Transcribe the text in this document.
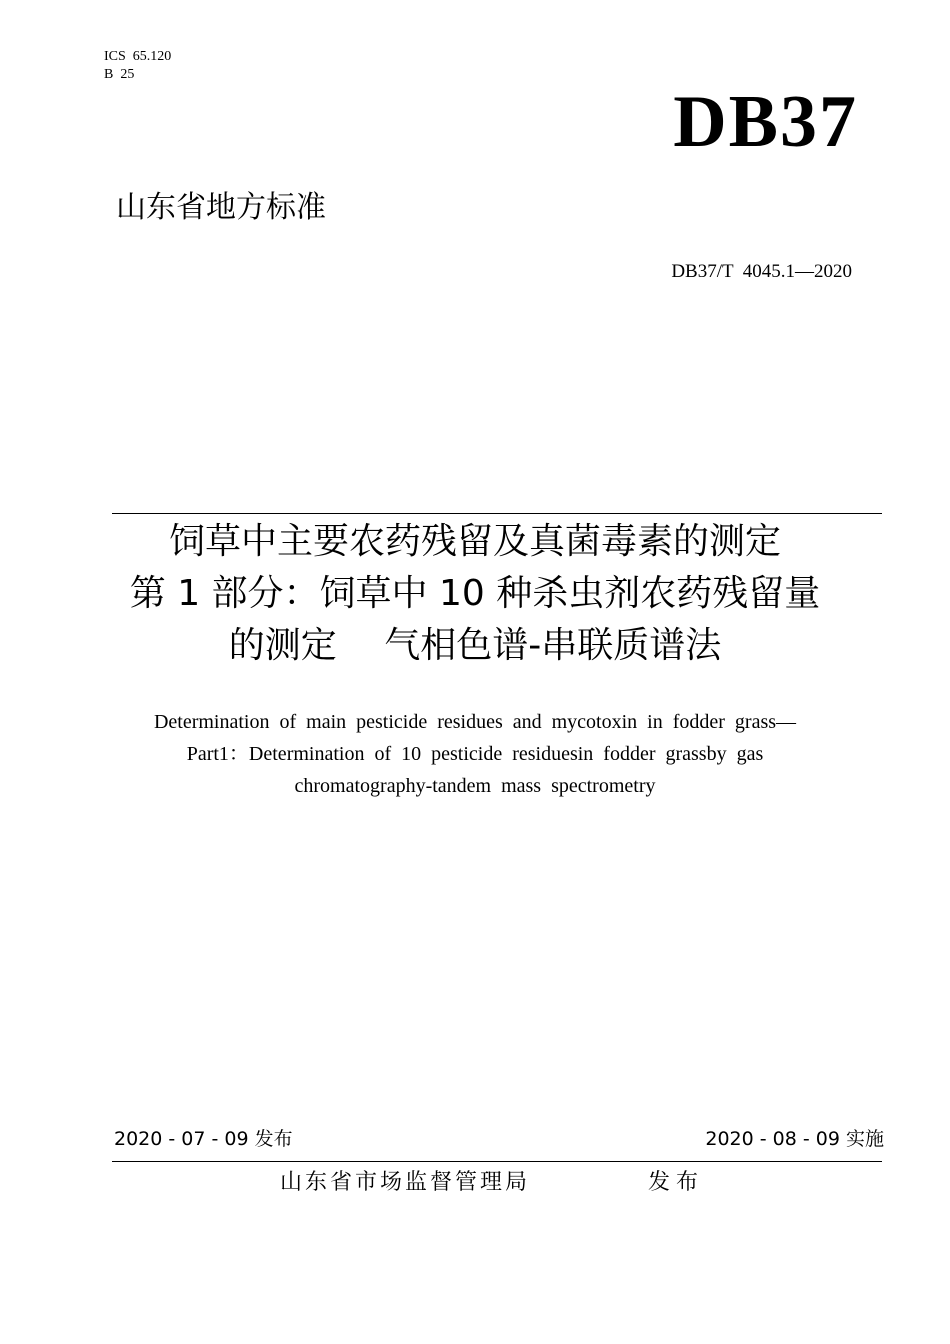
ICS  65.120
B  25
DB37
山东省地方标准
DB37/T  4045.1—2020
饲草中主要农药残留及真菌毒素的测定
第 1 部分：饲草中 10 种杀虫剂农药残留量
的测定　 气相色谱-串联质谱法
Determination  of  main  pesticide  residues  and  mycotoxin  in  fodder  grass—
Part1：Determination  of  10  pesticide  residuesin  fodder  grassby  gas
chromatography-tandem  mass  spectrometry
2020 - 07 - 09 发布	2020 - 08 - 09 实施
山东省市场监督管理局	发布
